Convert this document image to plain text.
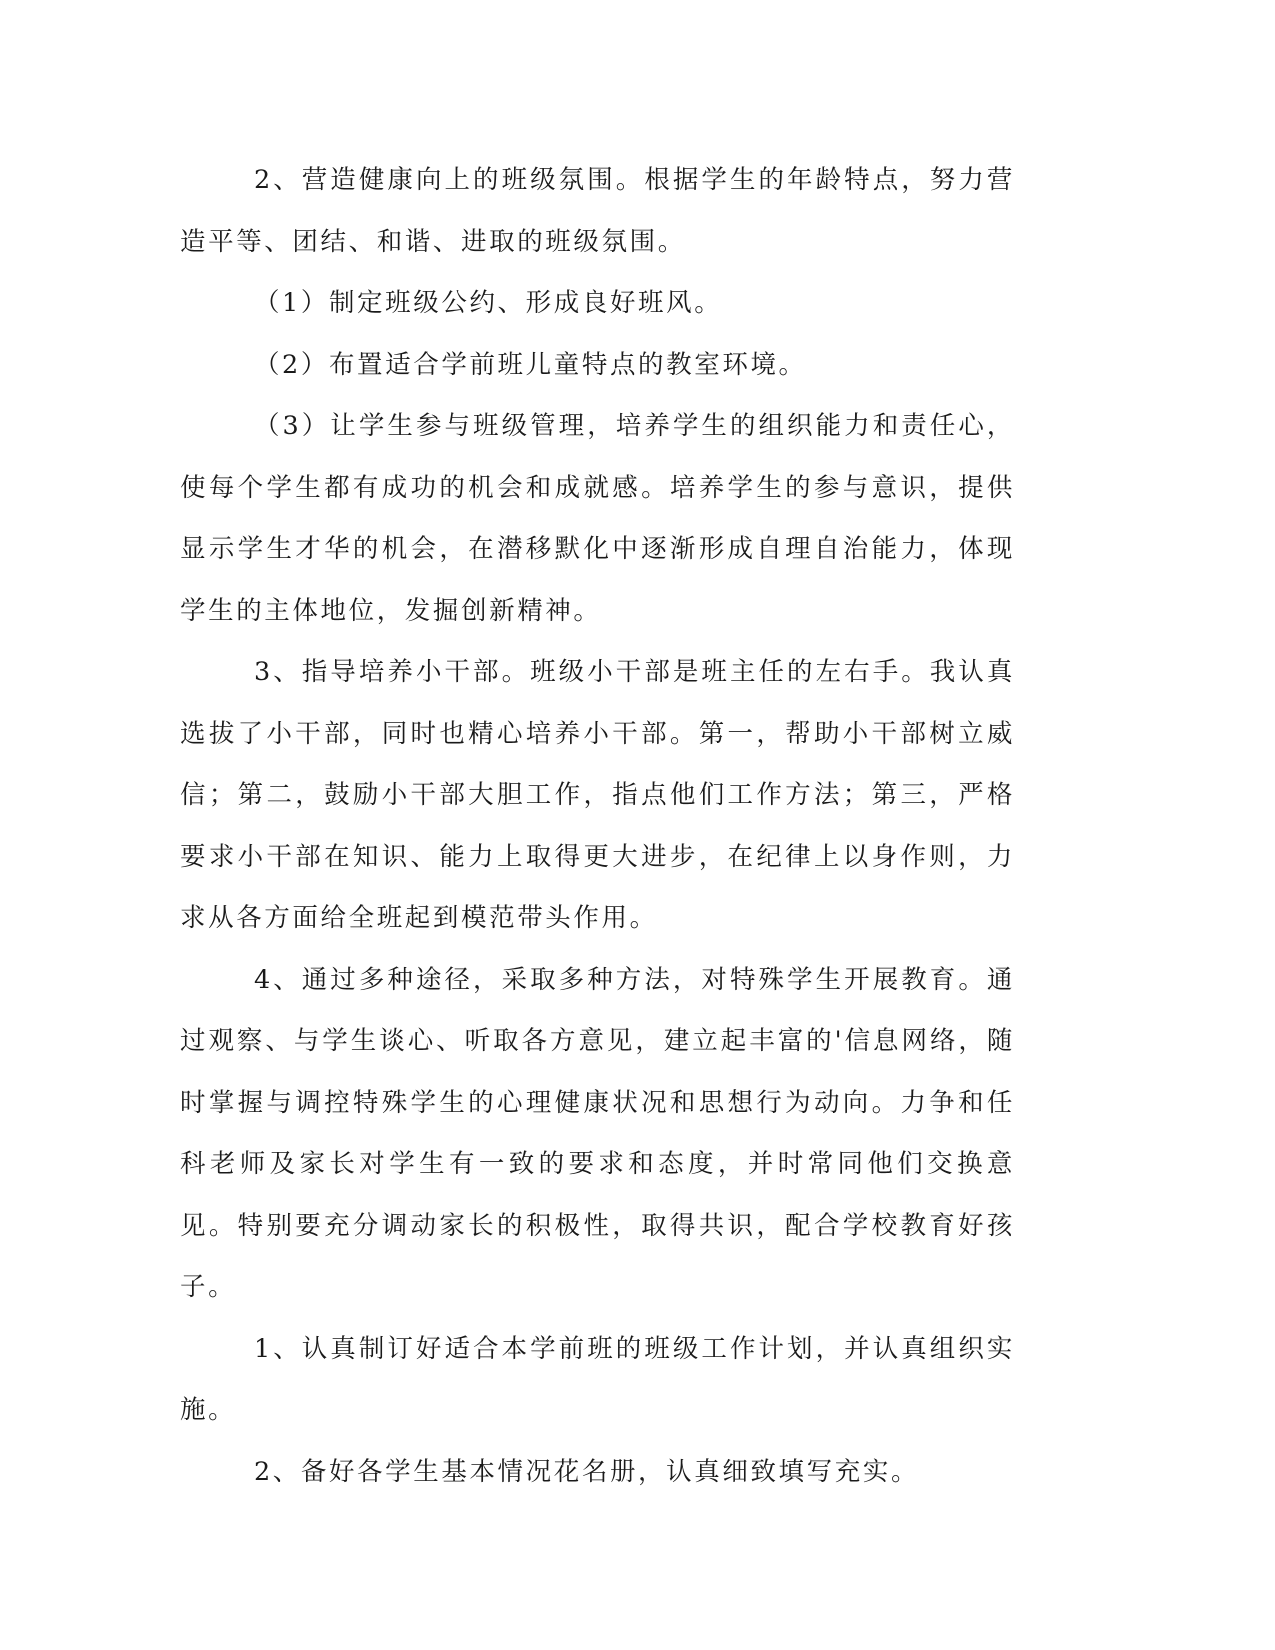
2、营造健康向上的班级氛围。根据学生的年龄特点，努力营造平等、团结、和谐、进取的班级氛围。

（1）制定班级公约、形成良好班风。

（2）布置适合学前班儿童特点的教室环境。

（3）让学生参与班级管理，培养学生的组织能力和责任心，使每个学生都有成功的机会和成就感。培养学生的参与意识，提供显示学生才华的机会，在潜移默化中逐渐形成自理自治能力，体现学生的主体地位，发掘创新精神。

3、指导培养小干部。班级小干部是班主任的左右手。我认真选拔了小干部，同时也精心培养小干部。第一，帮助小干部树立威信；第二，鼓励小干部大胆工作，指点他们工作方法；第三，严格要求小干部在知识、能力上取得更大进步，在纪律上以身作则，力求从各方面给全班起到模范带头作用。

4、通过多种途径，采取多种方法，对特殊学生开展教育。通过观察、与学生谈心、听取各方意见，建立起丰富的'信息网络，随时掌握与调控特殊学生的心理健康状况和思想行为动向。力争和任科老师及家长对学生有一致的要求和态度，并时常同他们交换意见。特别要充分调动家长的积极性，取得共识，配合学校教育好孩子。

1、认真制订好适合本学前班的班级工作计划，并认真组织实施。

2、备好各学生基本情况花名册，认真细致填写充实。
